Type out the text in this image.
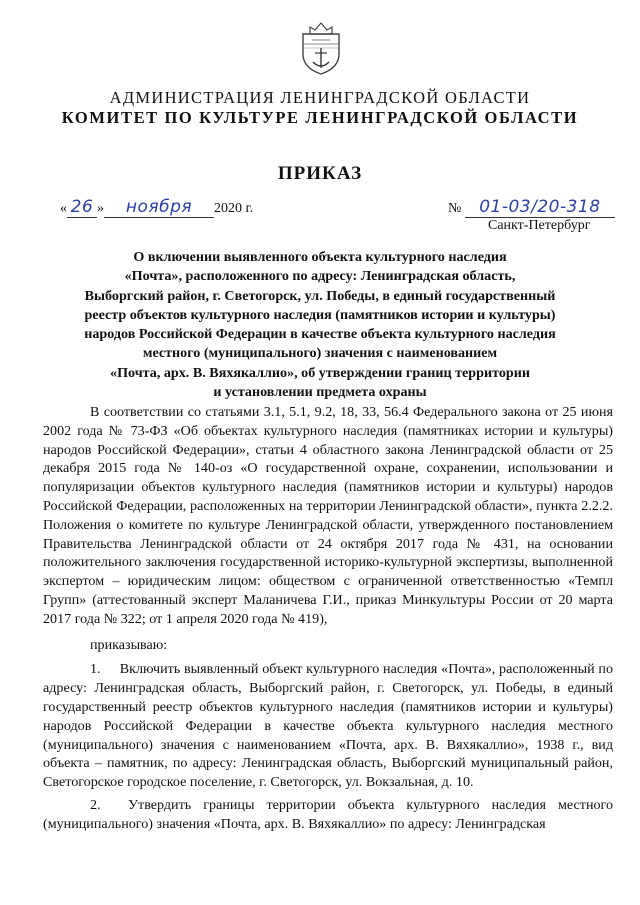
АДМИНИСТРАЦИЯ ЛЕНИНГРАДСКОЙ ОБЛАСТИ
КОМИТЕТ ПО КУЛЬТУРЕ ЛЕНИНГРАДСКОЙ ОБЛАСТИ
ПРИКАЗ
« 26 » ноября 2020 г.	№ 01-03/20-318
Санкт-Петербург
О включении выявленного объекта культурного наследия
«Почта», расположенного по адресу: Ленинградская область,
Выборгский район, г. Светогорск, ул. Победы, в единый государственный
реестр объектов культурного наследия (памятников истории и культуры)
народов Российской Федерации в качестве объекта культурного наследия
местного (муниципального) значения с наименованием
«Почта, арх. В. Вяхякаллио», об утверждении границ территории
и установлении предмета охраны

В соответствии со статьями 3.1, 5.1, 9.2, 18, 33, 56.4 Федерального закона от 25 июня 2002 года № 73-ФЗ «Об объектах культурного наследия (памятниках истории и культуры) народов Российской Федерации», статьи 4 областного закона Ленинградской области от 25 декабря 2015 года № 140-оз «О государственной охране, сохранении, использовании и популяризации объектов культурного наследия (памятников истории и культуры) народов Российской Федерации, расположенных на территории Ленинградской области», пункта 2.2.2. Положения о комитете по культуре Ленинградской области, утвержденного постановлением Правительства Ленинградской области от 24 октября 2017 года № 431, на основании положительного заключения государственной историко-культурной экспертизы, выполненной экспертом – юридическим лицом: обществом с ограниченной ответственностью «Темпл Групп» (аттестованный эксперт Маланичева Г.И., приказ Минкультуры России от 20 марта 2017 года № 322; от 1 апреля 2020 года № 419),

приказываю:

1. Включить выявленный объект культурного наследия «Почта», расположенный по адресу: Ленинградская область, Выборгский район, г. Светогорск, ул. Победы, в единый государственный реестр объектов культурного наследия (памятников истории и культуры) народов Российской Федерации в качестве объекта культурного наследия местного (муниципального) значения с наименованием «Почта, арх. В. Вяхякаллио», 1938 г., вид объекта – памятник, по адресу: Ленинградская область, Выборгский муниципальный район, Светогорское городское поселение, г. Светогорск, ул. Вокзальная, д. 10.

2. Утвердить границы территории объекта культурного наследия местного (муниципального) значения «Почта, арх. В. Вяхякаллио» по адресу: Ленинградская
